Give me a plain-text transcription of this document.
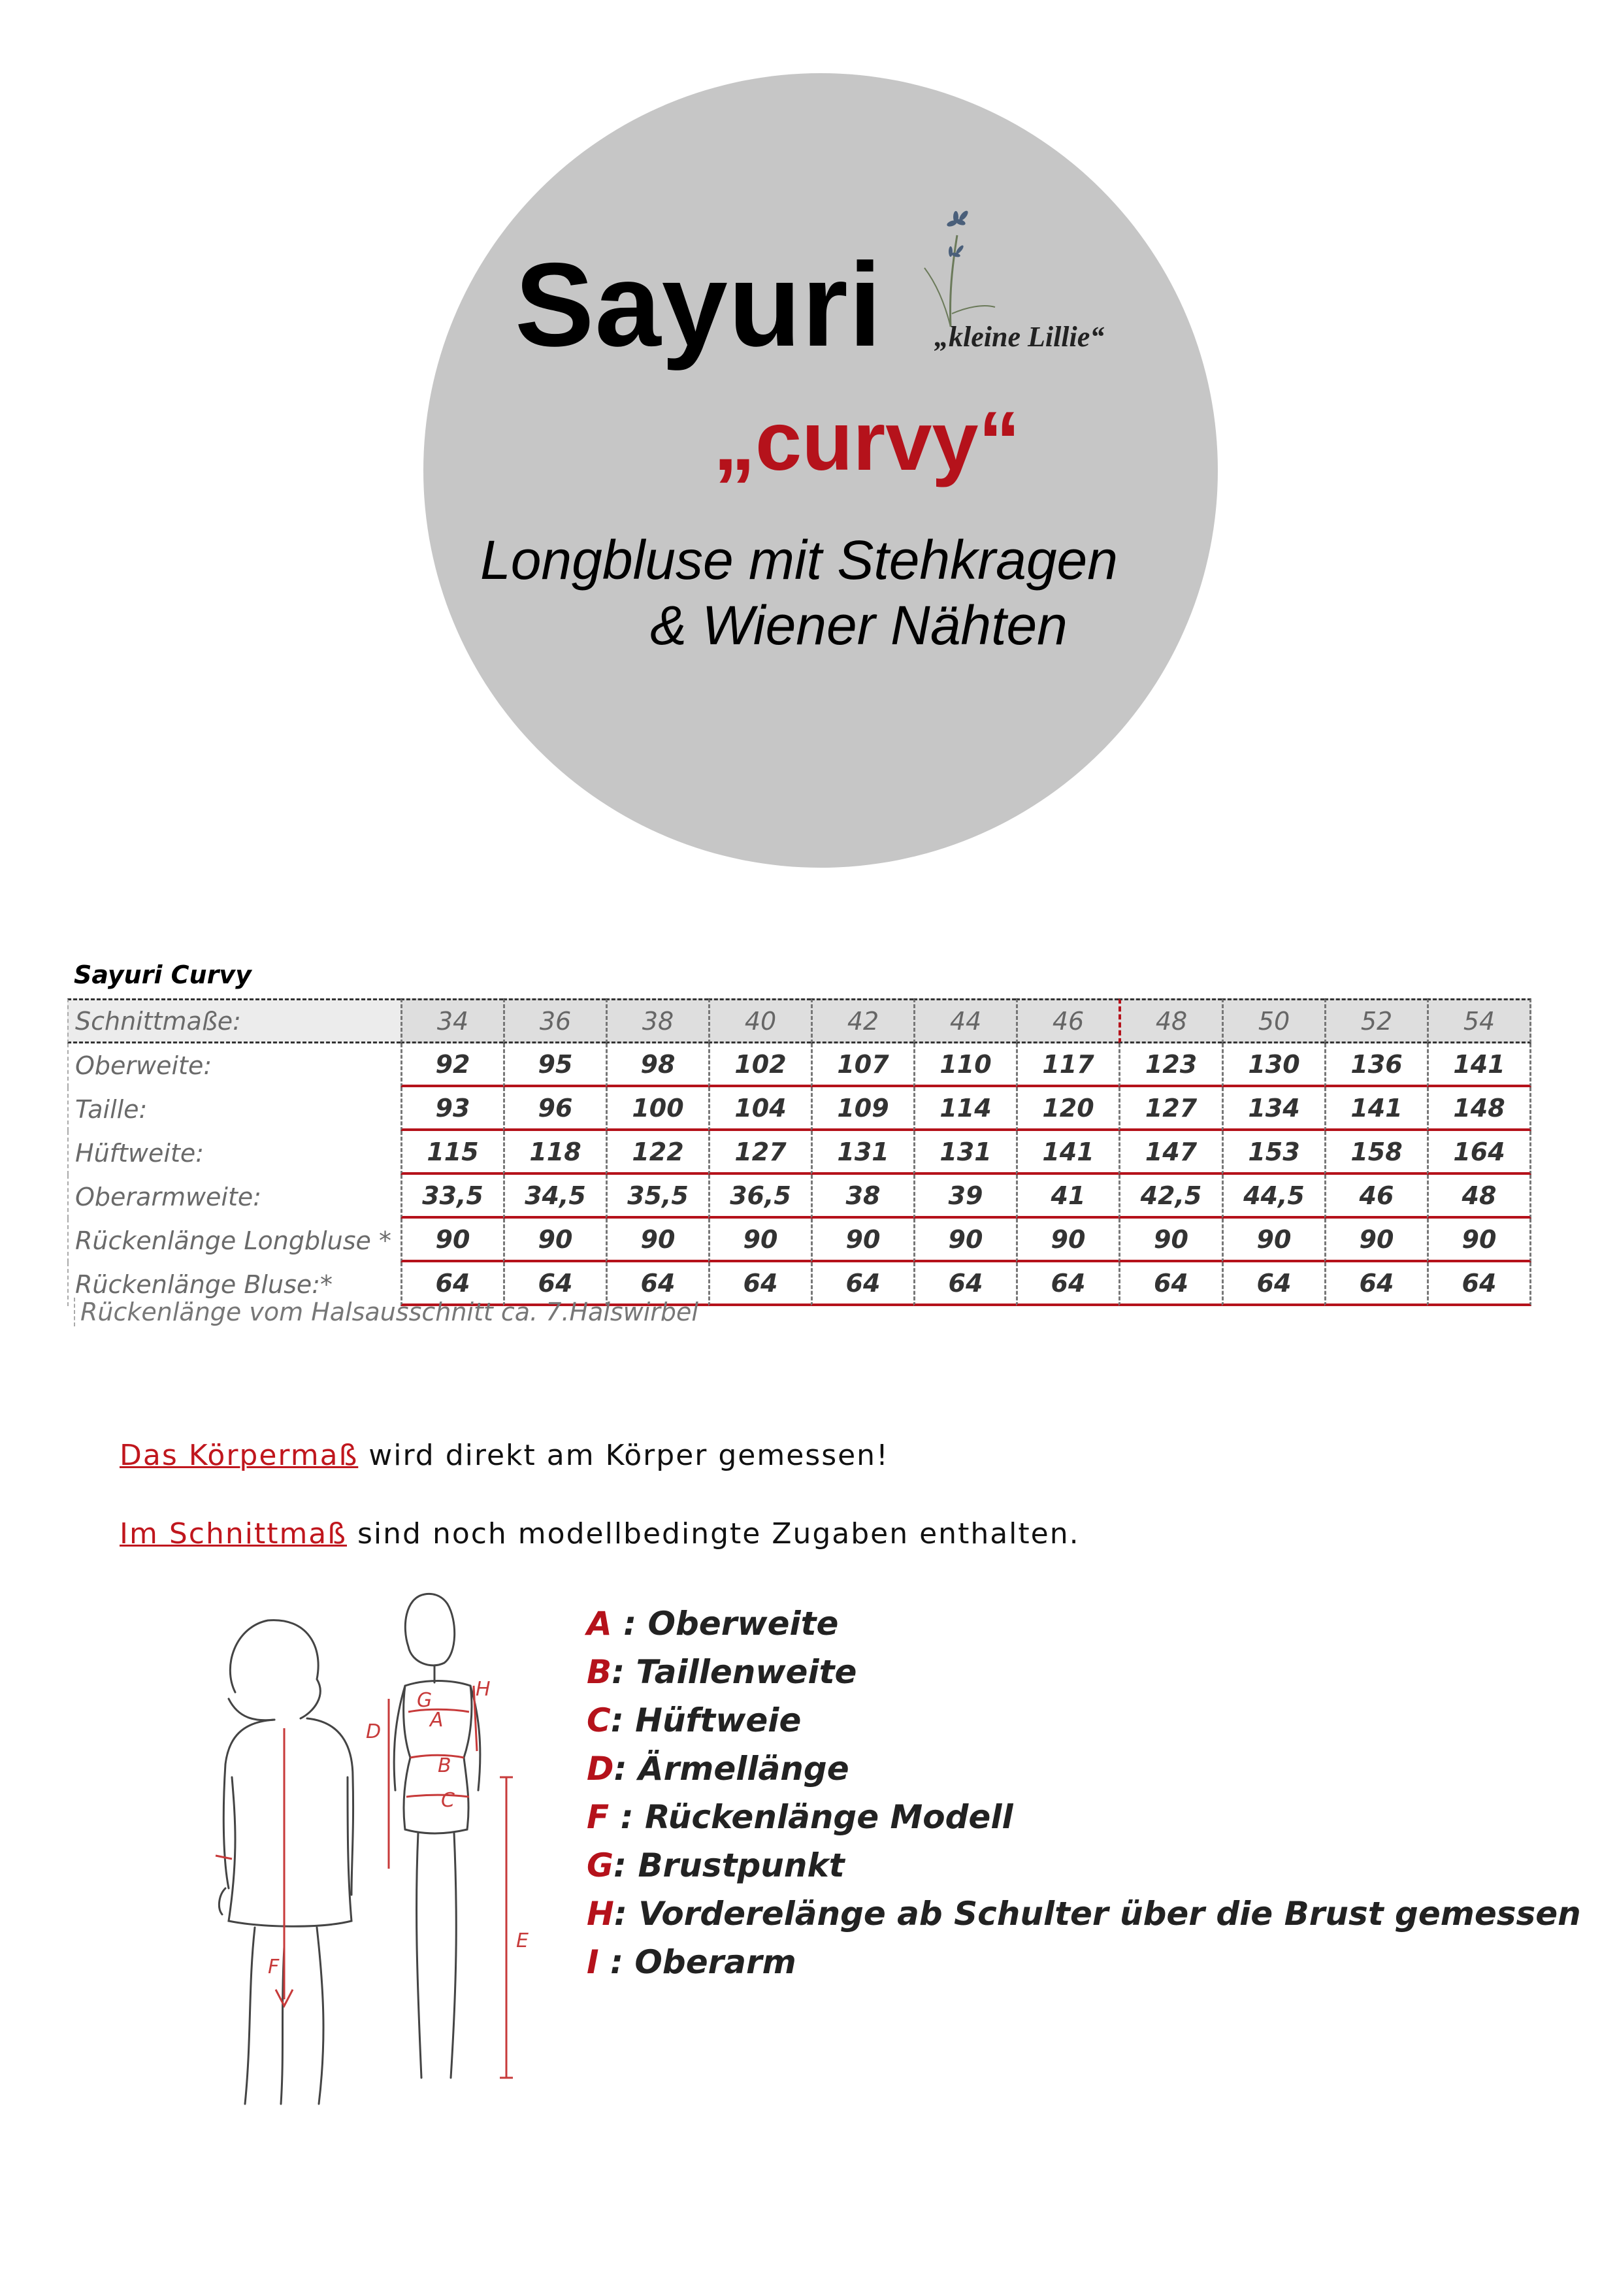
Sayuri „kleine Lillie“
„curvy“
Longbluse mit Stehkragen
& Wiener Nähten
Sayuri Curvy
Schnittmaße:	34	36	38	40	42	44	46	48	50	52	54
Oberweite:	92	95	98	102	107	110	117	123	130	136	141
Taille:	93	96	100	104	109	114	120	127	134	141	148
Hüftweite:	115	118	122	127	131	131	141	147	153	158	164
Oberarmweite:	33,5	34,5	35,5	36,5	38	39	41	42,5	44,5	46	48
Rückenlänge Longbluse *	90	90	90	90	90	90	90	90	90	90	90
Rückenlänge Bluse:*	64	64	64	64	64	64	64	64	64	64	64
Rückenlänge vom Halsausschnitt ca. 7.Halswirbel
Das Körpermaß wird direkt am Körper gemessen!
Im Schnittmaß sind noch modellbedingte Zugaben enthalten.
D
G
A
H
B
C
E
F
A : Oberweite
B: Taillenweite
C: Hüftweie
D: Ärmellänge
F : Rückenlänge Modell
G: Brustpunkt
H: Vorderelänge ab Schulter über die Brust gemessen
I : Oberarm
